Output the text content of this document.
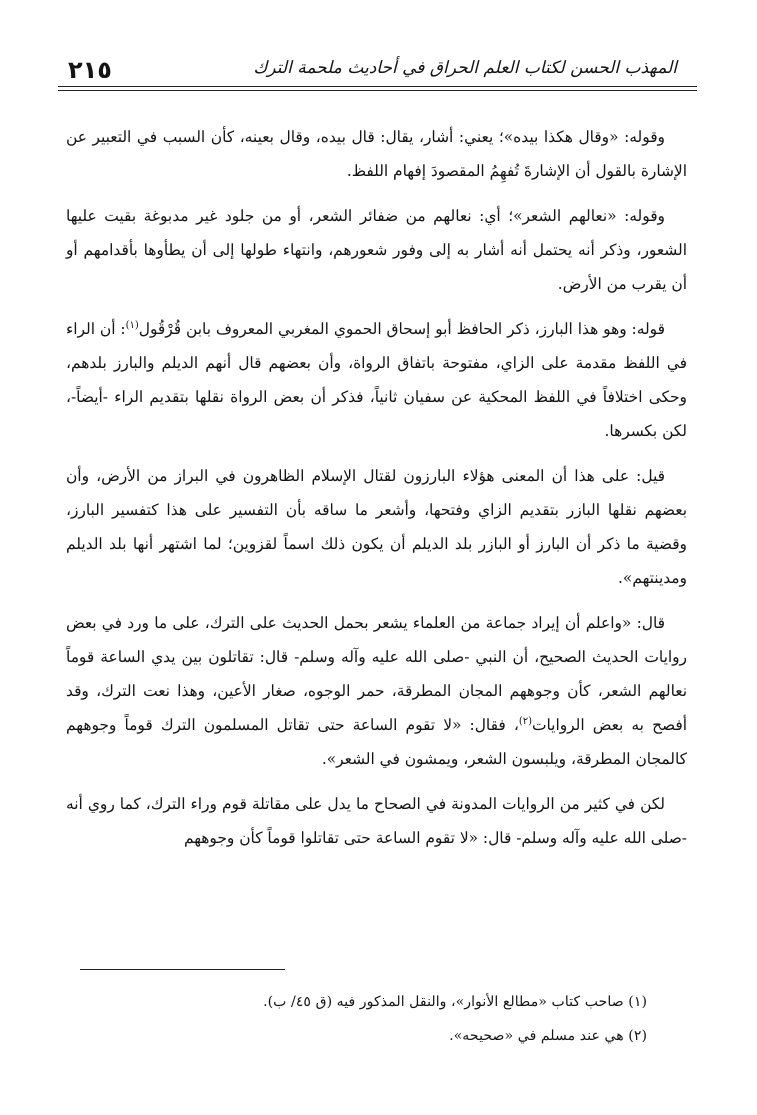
المهذب الحسن لكتاب العلم الحراق في أحاديث ملحمة الترك
٢١٥

وقوله: «وقال هكذا بيده»؛ يعني: أشار، يقال: قال بيده، وقال بعينه، كأن السبب في التعبير عن الإشارة بالقول أن الإشارةَ تُفهِمُ المقصودَ إفهام اللفظ.

وقوله: «نعالهم الشعر»؛ أي: نعالهم من ضفائر الشعر، أو من جلود غير مدبوغة بقيت عليها الشعور، وذكر أنه يحتمل أنه أشار به إلى وفور شعورهم، وانتهاء طولها إلى أن يطأوها بأقدامهم أو أن يقرب من الأرض.

قوله: وهو هذا البارز، ذكر الحافظ أبو إسحاق الحموي المغربي المعروف بابن قُرْقُول$^{(١)}$: أن الراء في اللفظ مقدمة على الزاي، مفتوحة باتفاق الرواة، وأن بعضهم قال أنهم الديلم والبارز بلدهم، وحكى اختلافاً في اللفظ المحكية عن سفيان ثانياً، فذكر أن بعض الرواة نقلها بتقديم الراء -أيضاً-، لكن بكسرها.

قيل: على هذا أن المعنى هؤلاء البارزون لقتال الإسلام الظاهرون في البراز من الأرض، وأن بعضهم نقلها البازر بتقديم الزاي وفتحها، وأشعر ما ساقه بأن التفسير على هذا كتفسير البارز، وقضية ما ذكر أن البارز أو البازر بلد الديلم أن يكون ذلك اسماً لقزوين؛ لما اشتهر أنها بلد الديلم ومدينتهم».

قال: «واعلم أن إيراد جماعة من العلماء يشعر بحمل الحديث على الترك، على ما ورد في بعض روايات الحديث الصحيح، أن النبي -صلى الله عليه وآله وسلم- قال: تقاتلون بين يدي الساعة قوماً نعالهم الشعر، كأن وجوههم المجان المطرقة، حمر الوجوه، صغار الأعين، وهذا نعت الترك، وقد أفصح به بعض الروايات$^{(٢)}$، فقال: «لا تقوم الساعة حتى تقاتل المسلمون الترك قوماً وجوههم كالمجان المطرقة، ويلبسون الشعر، ويمشون في الشعر».

لكن في كثير من الروايات المدونة في الصحاح ما يدل على مقاتلة قوم وراء الترك، كما روي أنه -صلى الله عليه وآله وسلم- قال: «لا تقوم الساعة حتى تقاتلوا قوماً كأن وجوههم

(١) صاحب كتاب «مطالع الأنوار»، والنقل المذكور فيه (ق ٤٥/ ب).
(٢) هي عند مسلم في «صحيحه».
